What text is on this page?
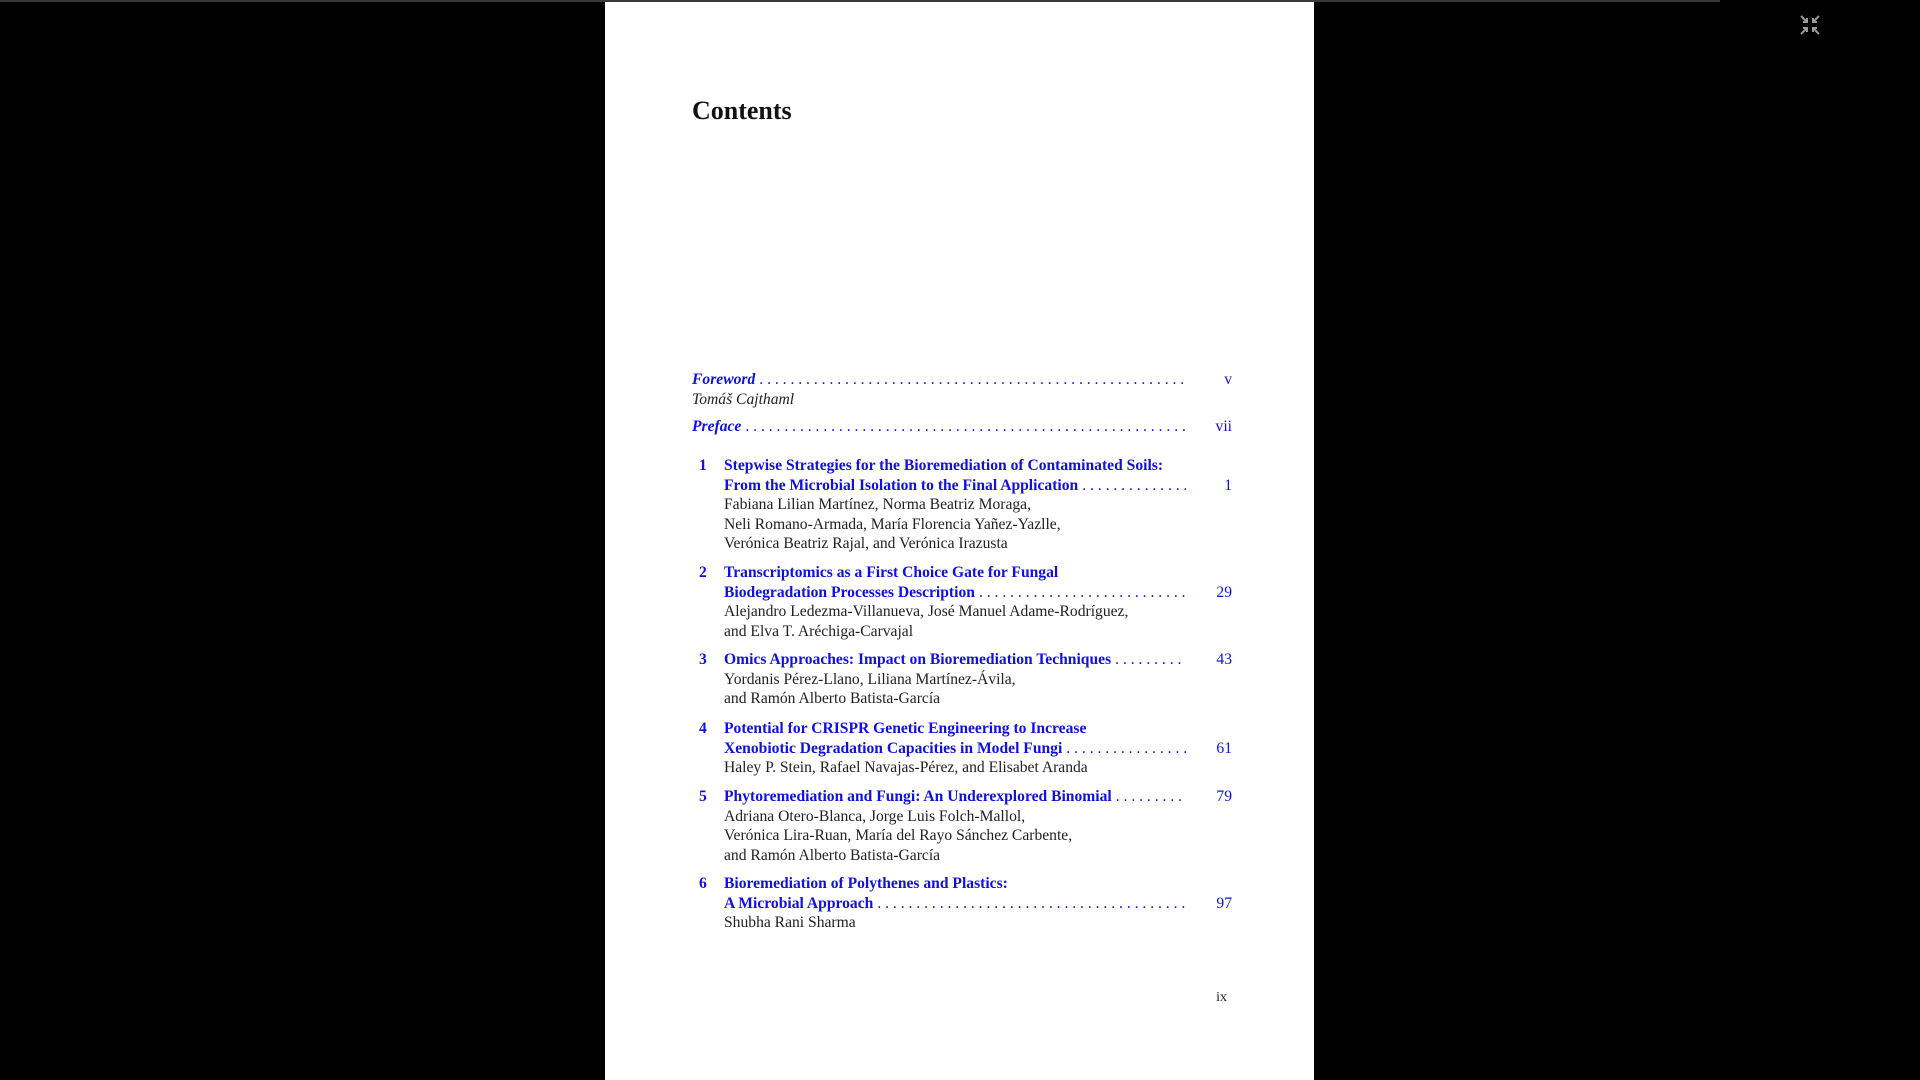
Contents
Foreword . . .	v
Tomáš Cajthaml
Preface . . .	vii
1	Stepwise Strategies for the Bioremediation of Contaminated Soils:
From the Microbial Isolation to the Final Application . . .	1
Fabiana Lilian Martínez, Norma Beatriz Moraga,
Neli Romano-Armada, María Florencia Yañez-Yazlle,
Verónica Beatriz Rajal, and Verónica Irazusta
2	Transcriptomics as a First Choice Gate for Fungal
Biodegradation Processes Description . . .	29
Alejandro Ledezma-Villanueva, José Manuel Adame-Rodríguez,
and Elva T. Aréchiga-Carvajal
3	Omics Approaches: Impact on Bioremediation Techniques . . .	43
Yordanis Pérez-Llano, Liliana Martínez-Ávila,
and Ramón Alberto Batista-García
4	Potential for CRISPR Genetic Engineering to Increase
Xenobiotic Degradation Capacities in Model Fungi . . .	61
Haley P. Stein, Rafael Navajas-Pérez, and Elisabet Aranda
5	Phytoremediation and Fungi: An Underexplored Binomial . . .	79
Adriana Otero-Blanca, Jorge Luis Folch-Mallol,
Verónica Lira-Ruan, María del Rayo Sánchez Carbente,
and Ramón Alberto Batista-García
6	Bioremediation of Polythenes and Plastics:
A Microbial Approach . . .	97
Shubha Rani Sharma
ix
